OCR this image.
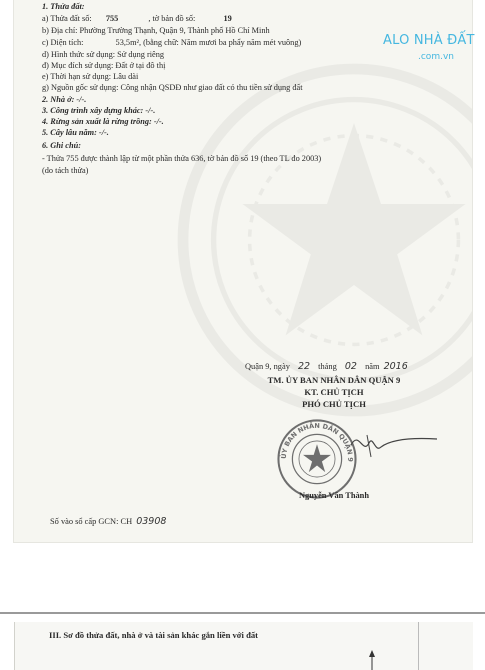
1. Thửa đất:
a) Thửa đất số: 755	, tờ bản đồ số:	19
b) Địa chỉ: Phường Trường Thạnh, Quận 9, Thành phố Hồ Chí Minh
c) Diện tích:	53,5m², (bằng chữ: Năm mươi ba phẩy năm mét vuông)
d) Hình thức sử dụng: Sử dụng riêng
đ) Mục đích sử dụng: Đất ở tại đô thị
e) Thời hạn sử dụng: Lâu dài
g) Nguồn gốc sử dụng: Công nhận QSDĐ như giao đất có thu tiền sử dụng đất
2. Nhà ở: -/-.
3. Công trình xây dựng khác: -/-.
4. Rừng sản xuất là rừng trồng: -/-.
5. Cây lâu năm: -/-.
6. Ghi chú:
- Thửa 755 được thành lập từ một phần thửa 636, tờ bản đồ số 19 (theo TL đo 2003)
(do tách thửa)
Quận 9, ngày 22 tháng 02 năm 2016
TM. ỦY BAN NHÂN DÂN QUẬN 9
KT. CHỦ TỊCH
PHÓ CHỦ TỊCH
ỦY BAN NHÂN DÂN QUẬN 9
Nguyễn Văn Thành
Số vào sổ cấp GCN: CH 03908
ALO NHÀ ĐẤT
.com.vn
III. Sơ đồ thửa đất, nhà ở và tài sản khác gắn liền với đất
